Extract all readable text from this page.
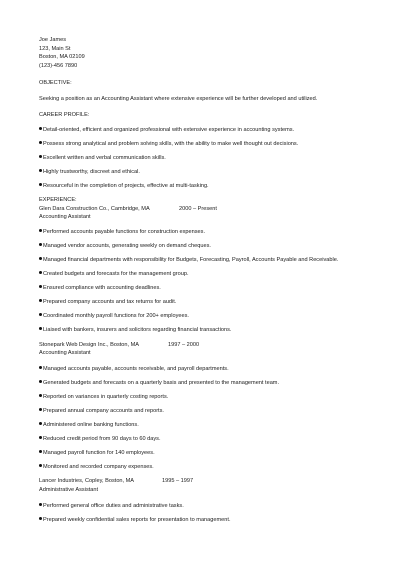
Joe James
123, Main St
Boston, MA 02109
(123)-456 7890
OBJECTIVE:
Seeking a position as an Accounting Assistant where extensive experience will be further developed and utilized.
CAREER PROFILE:
Detail-oriented, efficient and organized professional with extensive experience in accounting systems.
Possess strong analytical and problem solving skills, with the ability to make well thought out decisions.
Excellent written and verbal communication skills.
Highly trustworthy, discreet and ethical.
Resourceful in the completion of projects, effective at multi-tasking.
EXPERIENCE:
Glen Dara Construction Co., Cambridge, MA	2000 – Present
Accounting Assistant
Performed accounts payable functions for construction expenses.
Managed vendor accounts, generating weekly on demand cheques.
Managed financial departments with responsibility for Budgets, Forecasting, Payroll, Accounts Payable and Receivable.
Created budgets and forecasts for the management group.
Ensured compliance with accounting deadlines.
Prepared company accounts and tax returns for audit.
Coordinated monthly payroll functions for 200+ employees.
Liaised with bankers, insurers and solicitors regarding financial transactions.
Stonepark Web Design Inc., Boston, MA	1997 – 2000
Accounting Assistant
Managed accounts payable, accounts receivable, and payroll departments.
Generated budgets and forecasts on a quarterly basis and presented to the management team.
Reported on variances in quarterly costing reports.
Prepared annual company accounts and reports.
Administered online banking functions.
Reduced credit period from 90 days to 60 days.
Managed payroll function for 140 employees.
Monitored and recorded company expenses.
Lancer Industries, Copley, Boston, MA	1995 – 1997
Administrative Assistant
Performed general office duties and administrative tasks.
Prepared weekly confidential sales reports for presentation to management.
